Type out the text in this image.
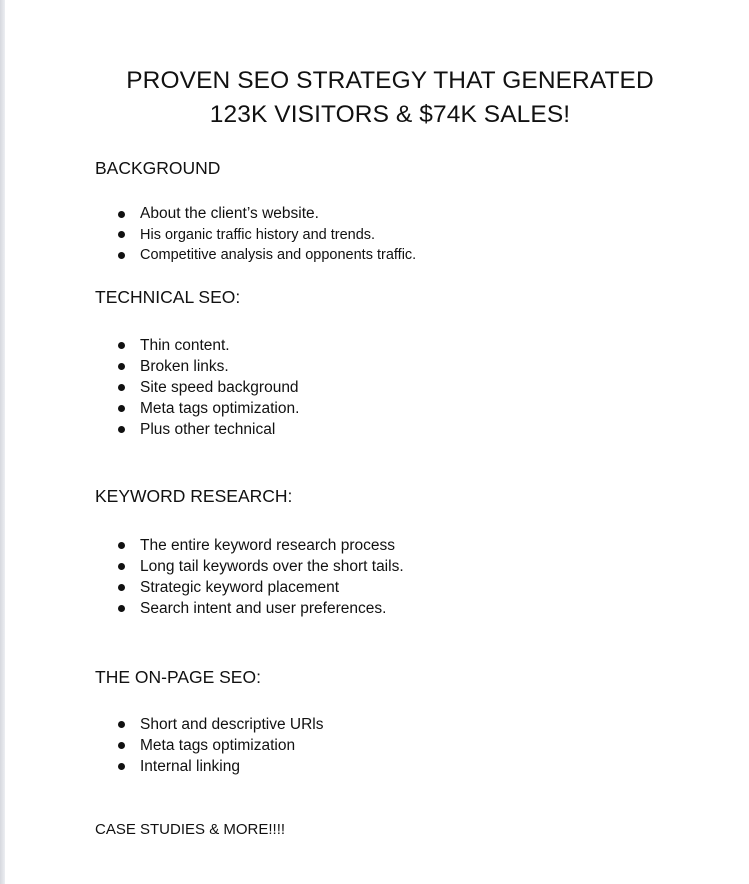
PROVEN SEO STRATEGY THAT GENERATED
123K VISITORS & $74K SALES!
BACKGROUND
About the client’s website.
His organic traffic history and trends.
Competitive analysis and opponents traffic.
TECHNICAL SEO:
Thin content.
Broken links.
Site speed background
Meta tags optimization.
Plus other technical
KEYWORD RESEARCH:
The entire keyword research process
Long tail keywords over the short tails.
Strategic keyword placement
Search intent and user preferences.
THE ON-PAGE SEO:
Short and descriptive URls
Meta tags optimization
Internal linking
CASE STUDIES & MORE!!!!
